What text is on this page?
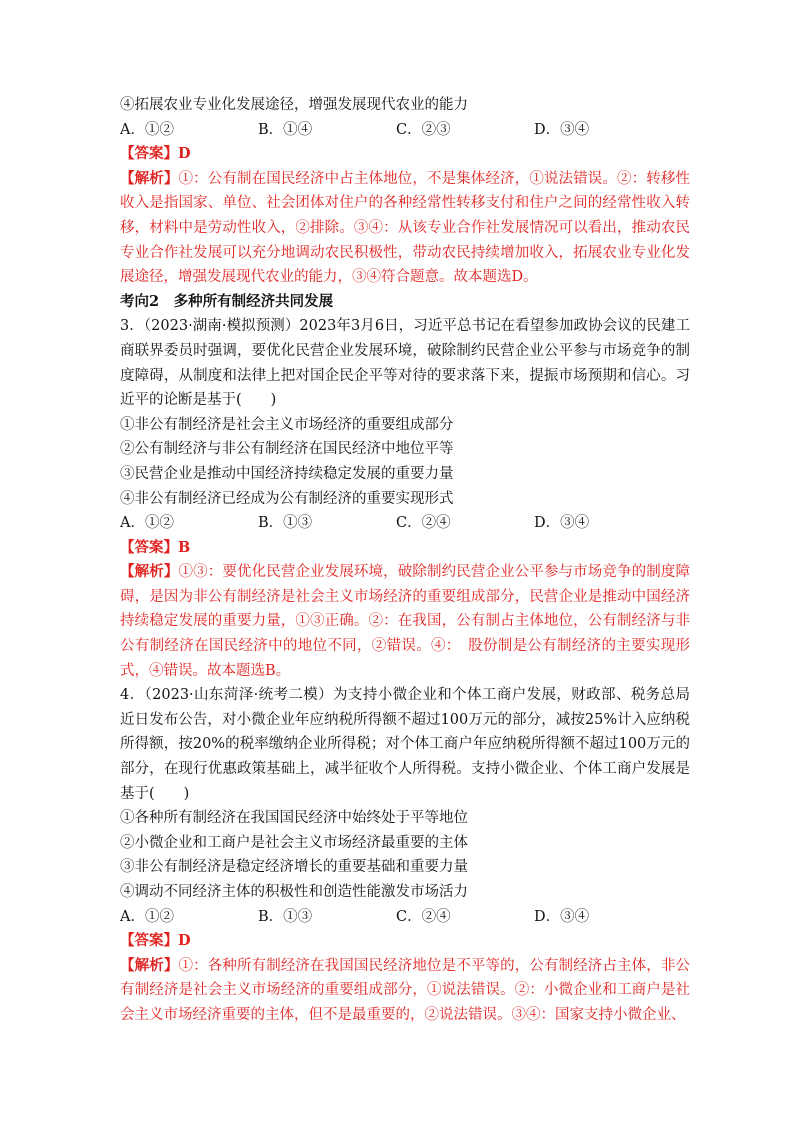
④拓展农业专业化发展途径，增强发展现代农业的能力
A．①②	B．①④	C．②③	D．③④
【答案】D

【解析】①：公有制在国民经济中占主体地位，不是集体经济，①说法错误。②：转移性收入是指国家、单位、社会团体对住户的各种经常性转移支付和住户之间的经常性收入转移，材料中是劳动性收入，②排除。③④：从该专业合作社发展情况可以看出，推动农民专业合作社发展可以充分地调动农民积极性，带动农民持续增加收入，拓展农业专业化发展途径，增强发展现代农业的能力，③④符合题意。故本题选D。

考向2　多种所有制经济共同发展

3．（2023·湖南·模拟预测）2023年3月6日，习近平总书记在看望参加政协会议的民建工商联界委员时强调，要优化民营企业发展环境，破除制约民营企业公平参与市场竞争的制度障碍，从制度和法律上把对国企民企平等对待的要求落下来，提振市场预期和信心。习近平的论断是基于(　　)

①非公有制经济是社会主义市场经济的重要组成部分
②公有制经济与非公有制经济在国民经济中地位平等
③民营企业是推动中国经济持续稳定发展的重要力量
④非公有制经济已经成为公有制经济的重要实现形式
A．①②	B．①③	C．②④	D．③④
【答案】B

【解析】①③：要优化民营企业发展环境，破除制约民营企业公平参与市场竞争的制度障碍，是因为非公有制经济是社会主义市场经济的重要组成部分，民营企业是推动中国经济持续稳定发展的重要力量，①③正确。②：在我国，公有制占主体地位，公有制经济与非公有制经济在国民经济中的地位不同，②错误。④：　股份制是公有制经济的主要实现形式，④错误。故本题选B。

4．（2023·山东菏泽·统考二模）为支持小微企业和个体工商户发展，财政部、税务总局近日发布公告，对小微企业年应纳税所得额不超过100万元的部分，减按25%计入应纳税所得额，按20%的税率缴纳企业所得税；对个体工商户年应纳税所得额不超过100万元的部分，在现行优惠政策基础上，减半征收个人所得税。支持小微企业、个体工商户发展是基于(　　)

①各种所有制经济在我国国民经济中始终处于平等地位
②小微企业和工商户是社会主义市场经济最重要的主体
③非公有制经济是稳定经济增长的重要基础和重要力量
④调动不同经济主体的积极性和创造性能激发市场活力
A．①②	B．①③	C．②④	D．③④
【答案】D

【解析】①：各种所有制经济在我国国民经济地位是不平等的，公有制经济占主体，非公有制经济是社会主义市场经济的重要组成部分，①说法错误。②：小微企业和工商户是社会主义市场经济重要的主体，但不是最重要的，②说法错误。③④：国家支持小微企业、
